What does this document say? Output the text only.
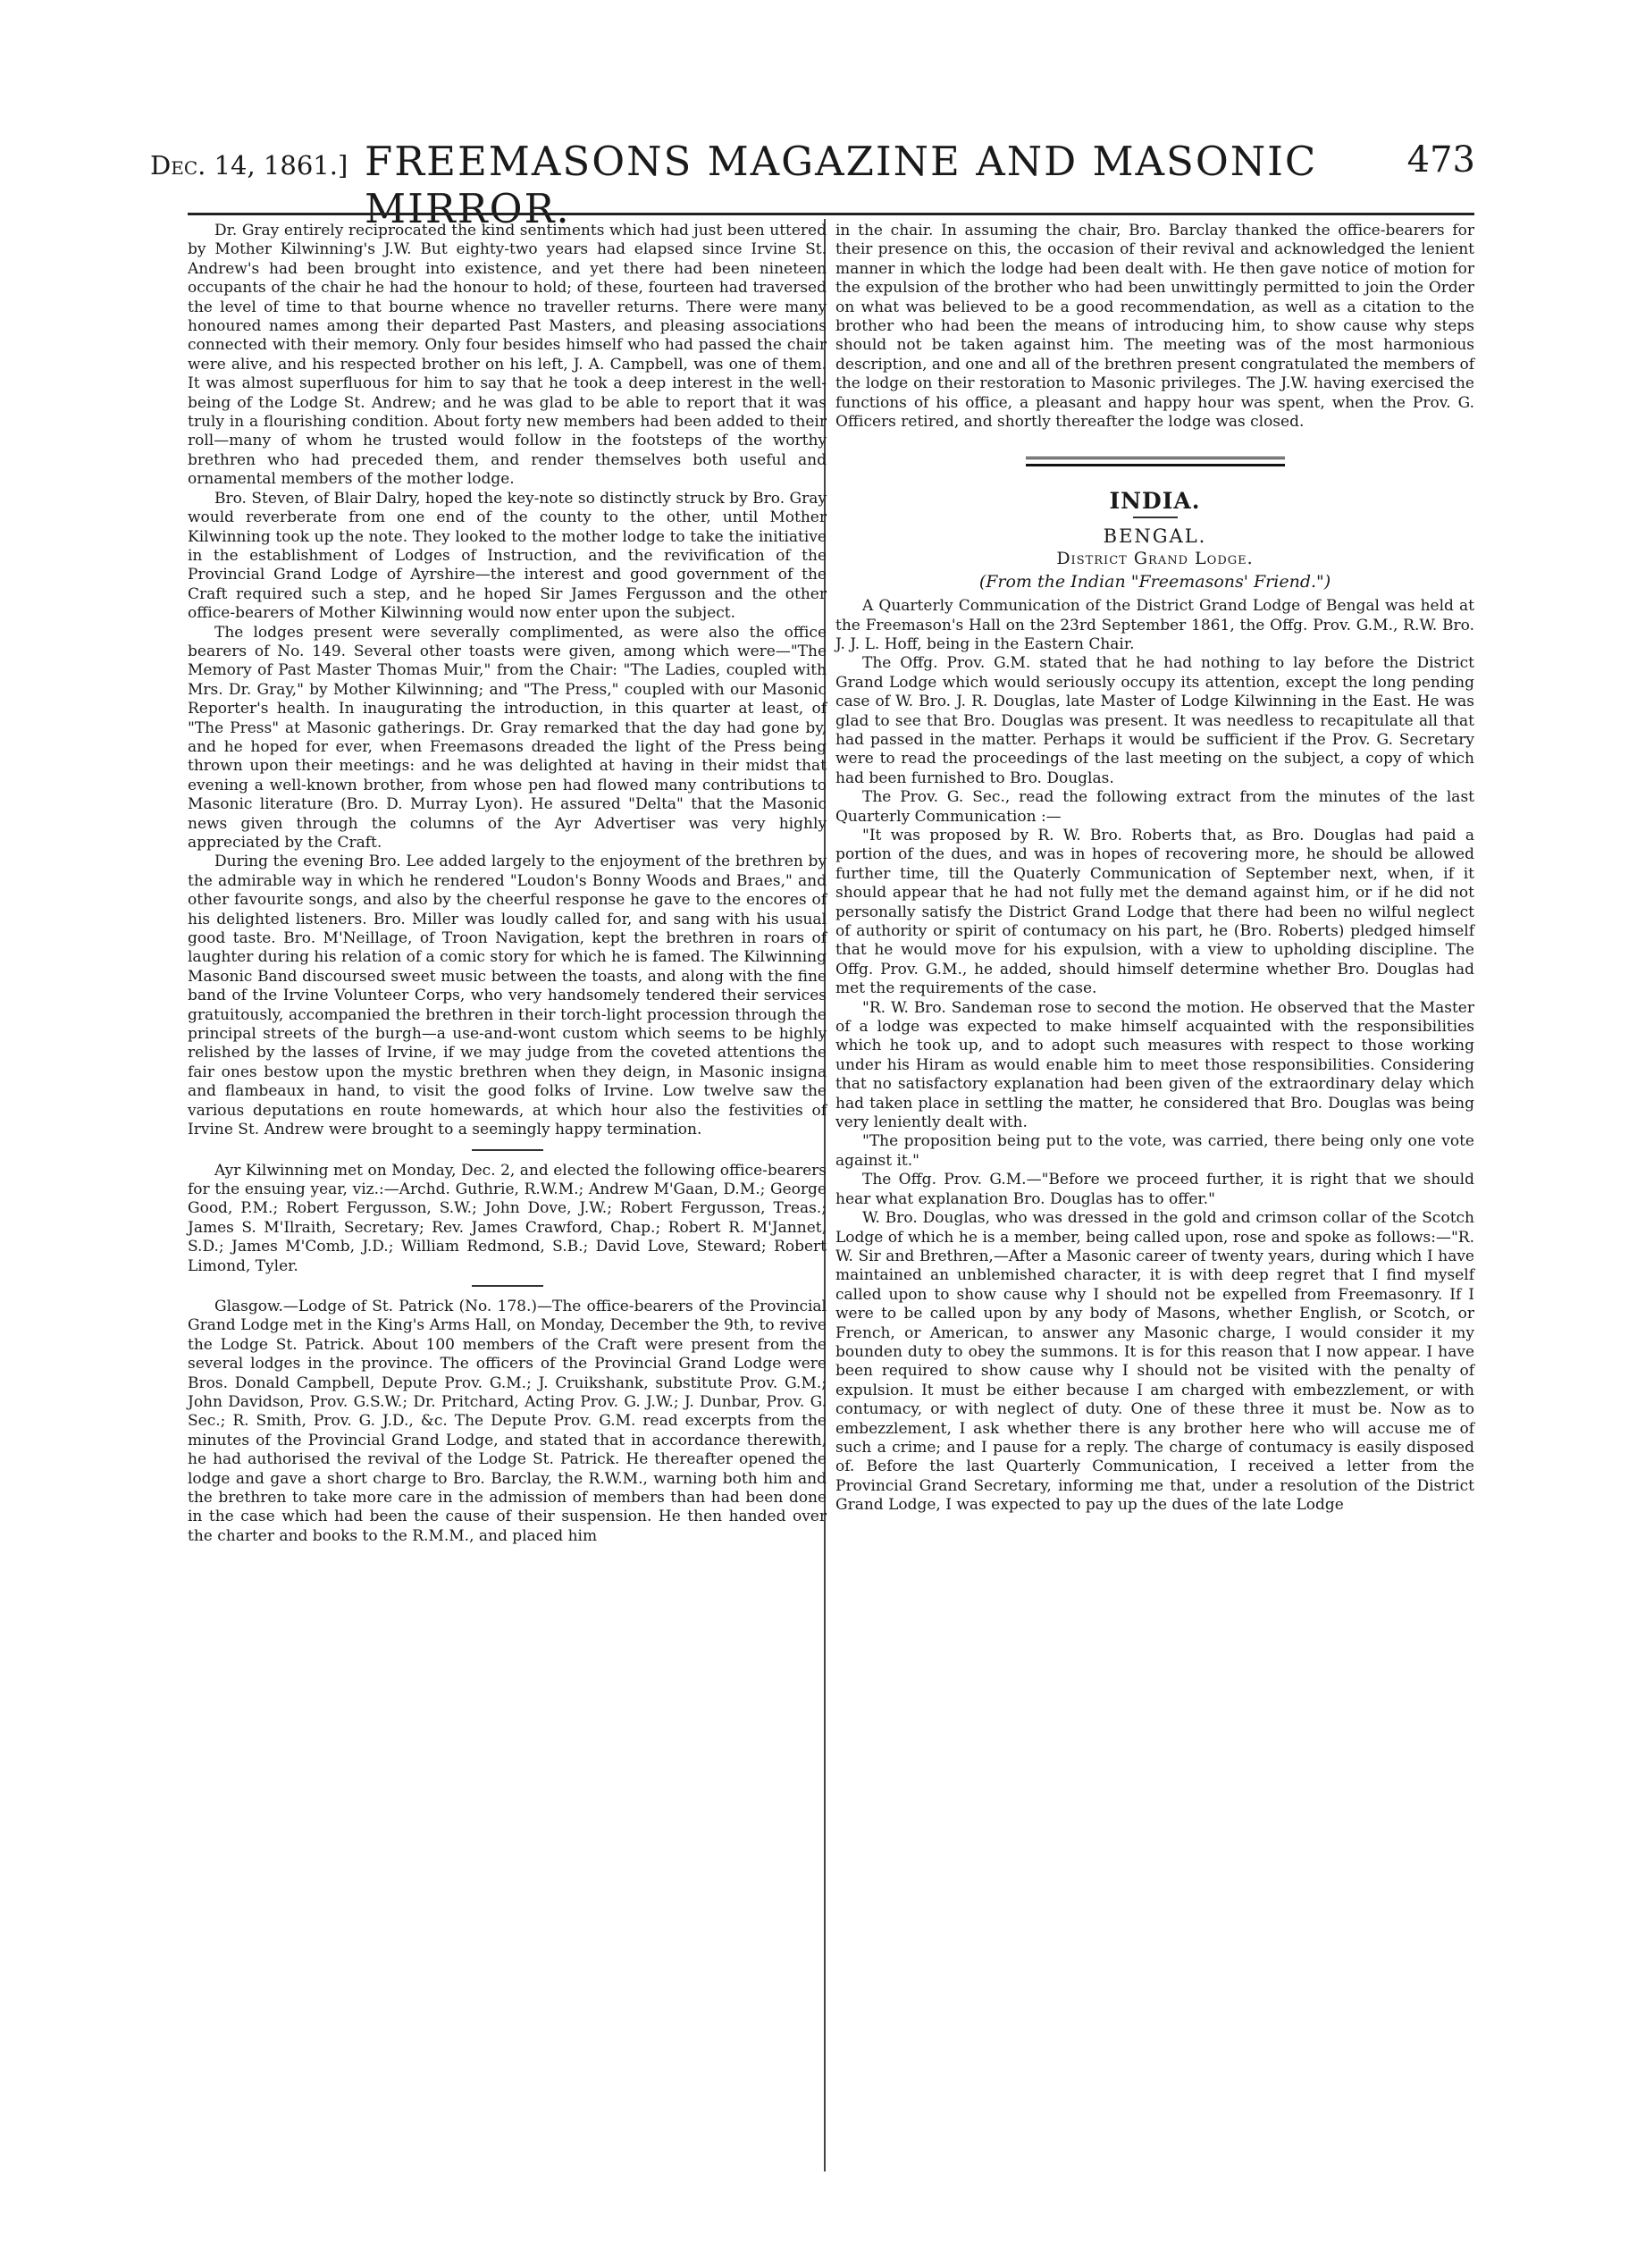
Dec. 14, 1861.] FREEMASONS MAGAZINE AND MASONIC MIRROR.
473

Dr. Gray entirely reciprocated the kind sentiments which had just been uttered by Mother Kilwinning's J.W. But eighty-two years had elapsed since Irvine St. Andrew's had been brought into existence, and yet there had been nineteen occupants of the chair he had the honour to hold; of these, fourteen had traversed the level of time to that bourne whence no traveller returns. There were many honoured names among their departed Past Masters, and pleasing associations connected with their memory. Only four besides himself who had passed the chair were alive, and his respected brother on his left, J. A. Campbell, was one of them. It was almost superfluous for him to say that he took a deep interest in the well-being of the Lodge St. Andrew; and he was glad to be able to report that it was truly in a flourishing condition. About forty new members had been added to their roll—many of whom he trusted would follow in the footsteps of the worthy brethren who had preceded them, and render themselves both useful and ornamental members of the mother lodge.

Bro. Steven, of Blair Dalry, hoped the key-note so distinctly struck by Bro. Gray would reverberate from one end of the county to the other, until Mother Kilwinning took up the note. They looked to the mother lodge to take the initiative in the establishment of Lodges of Instruction, and the revivification of the Provincial Grand Lodge of Ayrshire—the interest and good government of the Craft required such a step, and he hoped Sir James Fergusson and the other office-bearers of Mother Kilwinning would now enter upon the subject.

The lodges present were severally complimented, as were also the office bearers of No. 149. Several other toasts were given, among which were—"The Memory of Past Master Thomas Muir," from the Chair: "The Ladies, coupled with Mrs. Dr. Gray," by Mother Kilwinning; and "The Press," coupled with our Masonic Reporter's health. In inaugurating the introduction, in this quarter at least, of "The Press" at Masonic gatherings. Dr. Gray remarked that the day had gone by, and he hoped for ever, when Freemasons dreaded the light of the Press being thrown upon their meetings: and he was delighted at having in their midst that evening a well-known brother, from whose pen had flowed many contributions to Masonic literature (Bro. D. Murray Lyon). He assured "Delta" that the Masonic news given through the columns of the Ayr Advertiser was very highly appreciated by the Craft.

During the evening Bro. Lee added largely to the enjoyment of the brethren by the admirable way in which he rendered "Loudon's Bonny Woods and Braes," and other favourite songs, and also by the cheerful response he gave to the encores of his delighted listeners. Bro. Miller was loudly called for, and sang with his usual good taste. Bro. M'Neillage, of Troon Navigation, kept the brethren in roars of laughter during his relation of a comic story for which he is famed. The Kilwinning Masonic Band discoursed sweet music between the toasts, and along with the fine band of the Irvine Volunteer Corps, who very handsomely tendered their services gratuitously, accompanied the brethren in their torch-light procession through the principal streets of the burgh—a use-and-wont custom which seems to be highly relished by the lasses of Irvine, if we may judge from the coveted attentions the fair ones bestow upon the mystic brethren when they deign, in Masonic insigna and flambeaux in hand, to visit the good folks of Irvine. Low twelve saw the various deputations en route homewards, at which hour also the festivities of Irvine St. Andrew were brought to a seemingly happy termination.

Ayr Kilwinning met on Monday, Dec. 2, and elected the following office-bearers for the ensuing year, viz.:—Archd. Guthrie, R.W.M.; Andrew M'Gaan, D.M.; George Good, P.M.; Robert Fergusson, S.W.; John Dove, J.W.; Robert Fergusson, Treas.; James S. M'Ilraith, Secretary; Rev. James Crawford, Chap.; Robert R. M'Jannet, S.D.; James M'Comb, J.D.; William Redmond, S.B.; David Love, Steward; Robert Limond, Tyler.

Glasgow.—Lodge of St. Patrick (No. 178.)—The office-bearers of the Provincial Grand Lodge met in the King's Arms Hall, on Monday, December the 9th, to revive the Lodge St. Patrick. About 100 members of the Craft were present from the several lodges in the province. The officers of the Provincial Grand Lodge were Bros. Donald Campbell, Depute Prov. G.M.; J. Cruikshank, substitute Prov. G.M.; John Davidson, Prov. G.S.W.; Dr. Pritchard, Acting Prov. G. J.W.; J. Dunbar, Prov. G. Sec.; R. Smith, Prov. G. J.D., &c. The Depute Prov. G.M. read excerpts from the minutes of the Provincial Grand Lodge, and stated that in accordance therewith, he had authorised the revival of the Lodge St. Patrick. He thereafter opened the lodge and gave a short charge to Bro. Barclay, the R.W.M., warning both him and the brethren to take more care in the admission of members than had been done in the case which had been the cause of their suspension. He then handed over the charter and books to the R.M.M., and placed him

in the chair. In assuming the chair, Bro. Barclay thanked the office-bearers for their presence on this, the occasion of their revival and acknowledged the lenient manner in which the lodge had been dealt with. He then gave notice of motion for the expulsion of the brother who had been unwittingly permitted to join the Order on what was believed to be a good recommendation, as well as a citation to the brother who had been the means of introducing him, to show cause why steps should not be taken against him. The meeting was of the most harmonious description, and one and all of the brethren present congratulated the members of the lodge on their restoration to Masonic privileges. The J.W. having exercised the functions of his office, a pleasant and happy hour was spent, when the Prov. G. Officers retired, and shortly thereafter the lodge was closed.

INDIA.
BENGAL.
District Grand Lodge.
(From the Indian "Freemasons' Friend.")

A Quarterly Communication of the District Grand Lodge of Bengal was held at the Freemason's Hall on the 23rd September 1861, the Offg. Prov. G.M., R.W. Bro. J. J. L. Hoff, being in the Eastern Chair.

The Offg. Prov. G.M. stated that he had nothing to lay before the District Grand Lodge which would seriously occupy its attention, except the long pending case of W. Bro. J. R. Douglas, late Master of Lodge Kilwinning in the East. He was glad to see that Bro. Douglas was present. It was needless to recapitulate all that had passed in the matter. Perhaps it would be sufficient if the Prov. G. Secretary were to read the proceedings of the last meeting on the subject, a copy of which had been furnished to Bro. Douglas.

The Prov. G. Sec., read the following extract from the minutes of the last Quarterly Communication :—

"It was proposed by R. W. Bro. Roberts that, as Bro. Douglas had paid a portion of the dues, and was in hopes of recovering more, he should be allowed further time, till the Quaterly Communication of September next, when, if it should appear that he had not fully met the demand against him, or if he did not personally satisfy the District Grand Lodge that there had been no wilful neglect of authority or spirit of contumacy on his part, he (Bro. Roberts) pledged himself that he would move for his expulsion, with a view to upholding discipline. The Offg. Prov. G.M., he added, should himself determine whether Bro. Douglas had met the requirements of the case.

"R. W. Bro. Sandeman rose to second the motion. He observed that the Master of a lodge was expected to make himself acquainted with the responsibilities which he took up, and to adopt such measures with respect to those working under his Hiram as would enable him to meet those responsibilities. Considering that no satisfactory explanation had been given of the extraordinary delay which had taken place in settling the matter, he considered that Bro. Douglas was being very leniently dealt with.

"The proposition being put to the vote, was carried, there being only one vote against it."

The Offg. Prov. G.M.—"Before we proceed further, it is right that we should hear what explanation Bro. Douglas has to offer."

W. Bro. Douglas, who was dressed in the gold and crimson collar of the Scotch Lodge of which he is a member, being called upon, rose and spoke as follows:—"R. W. Sir and Brethren,—After a Masonic career of twenty years, during which I have maintained an unblemished character, it is with deep regret that I find myself called upon to show cause why I should not be expelled from Freemasonry. If I were to be called upon by any body of Masons, whether English, or Scotch, or French, or American, to answer any Masonic charge, I would consider it my bounden duty to obey the summons. It is for this reason that I now appear. I have been required to show cause why I should not be visited with the penalty of expulsion. It must be either because I am charged with embezzlement, or with contumacy, or with neglect of duty. One of these three it must be. Now as to embezzlement, I ask whether there is any brother here who will accuse me of such a crime; and I pause for a reply. The charge of contumacy is easily disposed of. Before the last Quarterly Communication, I received a letter from the Provincial Grand Secretary, informing me that, under a resolution of the District Grand Lodge, I was expected to pay up the dues of the late Lodge
